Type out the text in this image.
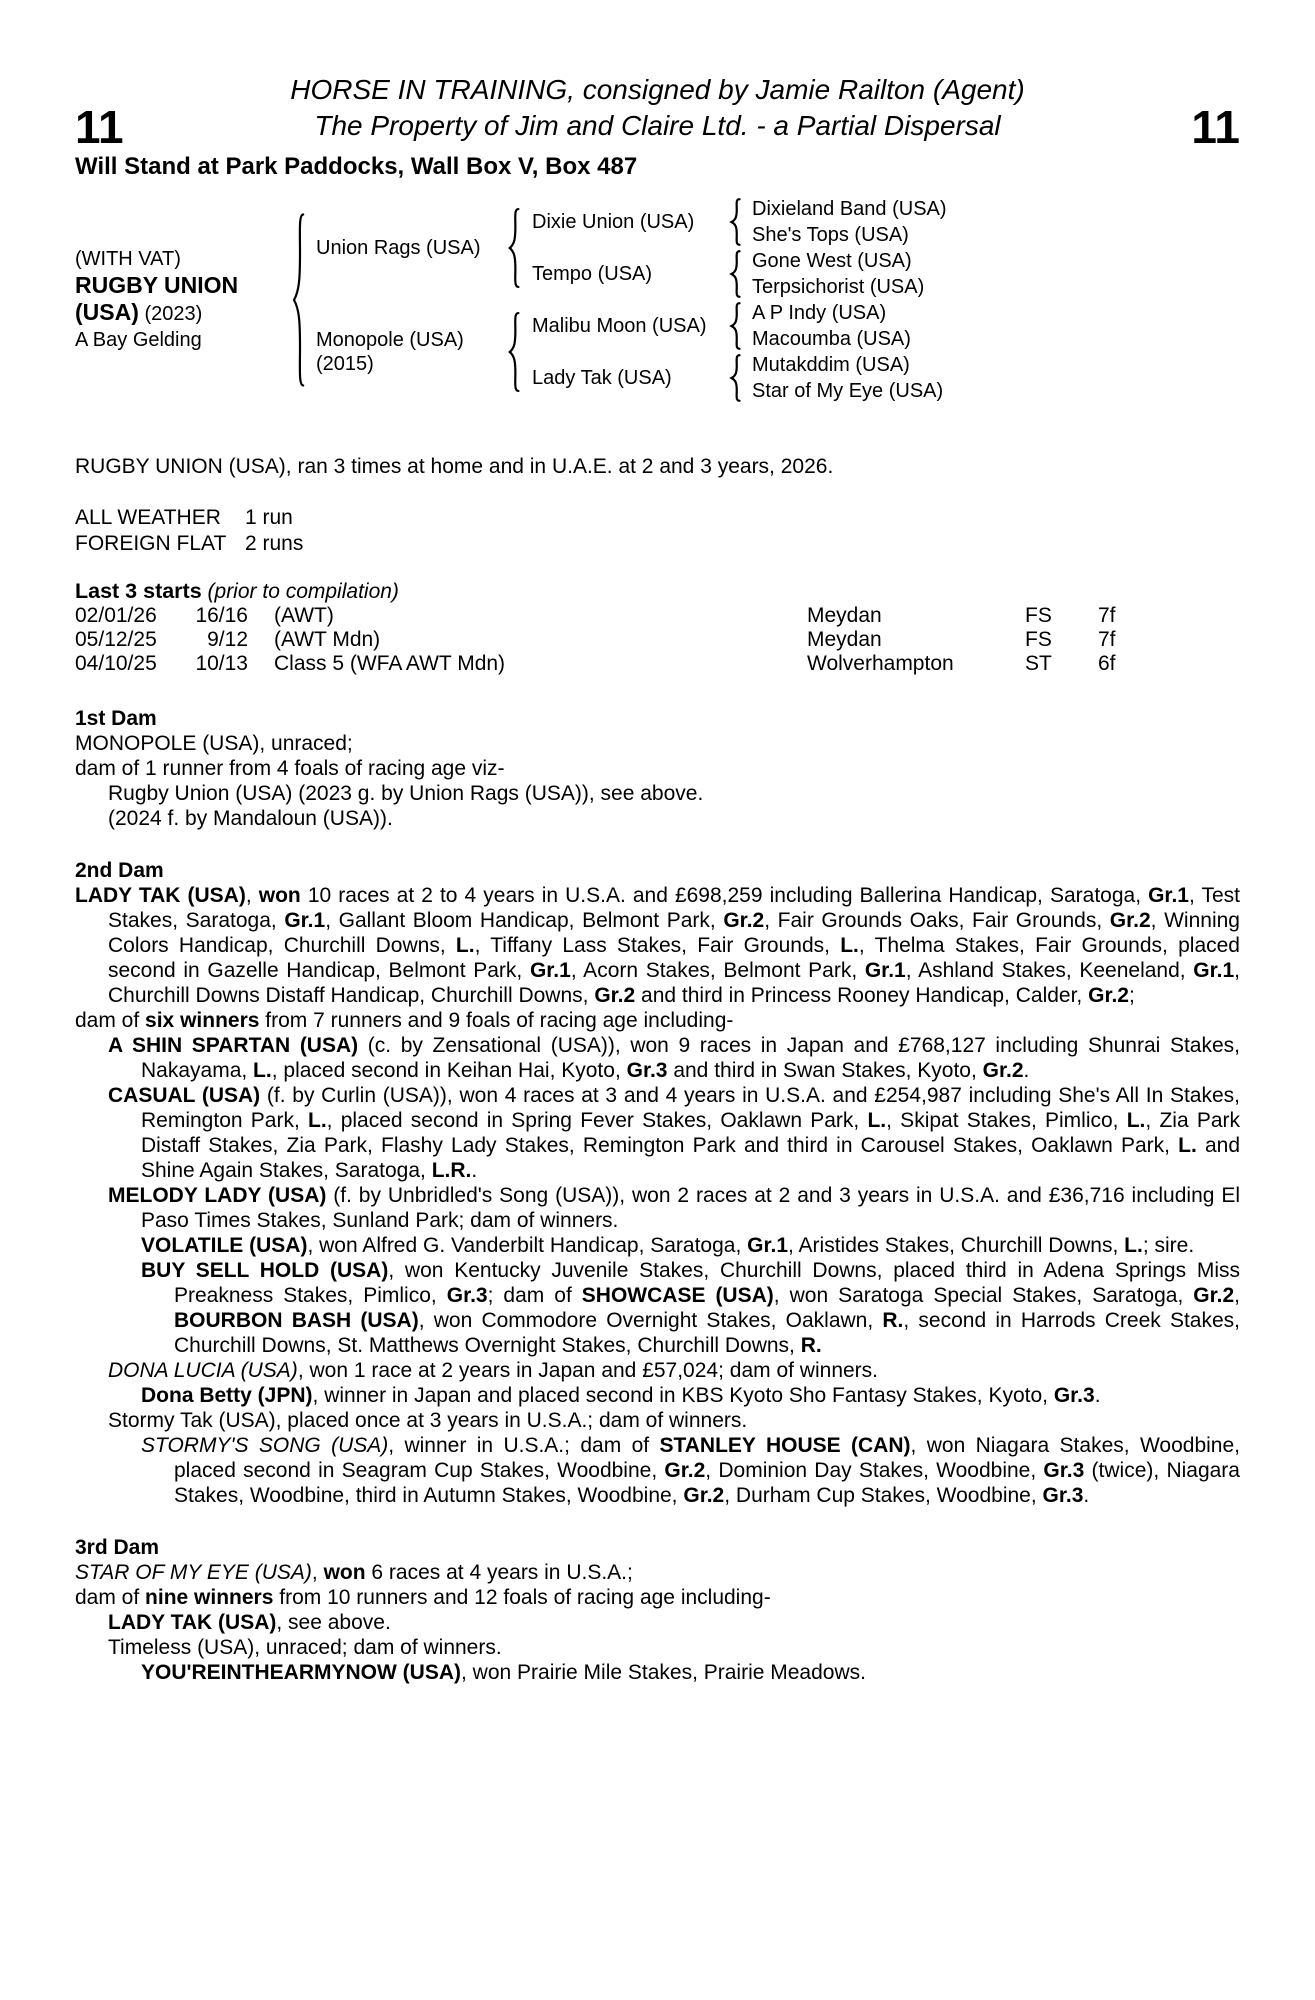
11	11
HORSE IN TRAINING, consigned by Jamie Railton (Agent)
The Property of Jim and Claire Ltd. - a Partial Dispersal
Will Stand at Park Paddocks, Wall Box V, Box 487
(WITH VAT)
RUGBY UNION
(USA) (2023)
A Bay Gelding
Union Rags (USA)
Monopole (USA)
(2015)
Dixie Union (USA)
Tempo (USA)
Malibu Moon (USA)
Lady Tak (USA)
Dixieland Band (USA)
She's Tops (USA)
Gone West (USA)
Terpsichorist (USA)
A P Indy (USA)
Macoumba (USA)
Mutakddim (USA)
Star of My Eye (USA)
RUGBY UNION (USA), ran 3 times at home and in U.A.E. at 2 and 3 years, 2026.
ALL WEATHER	1 run
FOREIGN FLAT 2 runs
Last 3 starts (prior to compilation)
02/01/26	16/16 (AWT)	Meydan	FS	7f
05/12/25	9/12 (AWT Mdn)	Meydan	FS	7f
04/10/25	10/13 Class 5 (WFA AWT Mdn)	Wolverhampton	ST	6f
1st Dam
MONOPOLE (USA), unraced;
dam of 1 runner from 4 foals of racing age viz-
Rugby Union (USA) (2023 g. by Union Rags (USA)), see above.
(2024 f. by Mandaloun (USA)).
2nd Dam
LADY TAK (USA), won 10 races at 2 to 4 years in U.S.A. and £698,259 including Ballerina Handicap, Saratoga, Gr.1, Test Stakes, Saratoga, Gr.1, Gallant Bloom Handicap, Belmont Park, Gr.2, Fair Grounds Oaks, Fair Grounds, Gr.2, Winning Colors Handicap, Churchill Downs, L., Tiffany Lass Stakes, Fair Grounds, L., Thelma Stakes, Fair Grounds, placed second in Gazelle Handicap, Belmont Park, Gr.1, Acorn Stakes, Belmont Park, Gr.1, Ashland Stakes, Keeneland, Gr.1, Churchill Downs Distaff Handicap, Churchill Downs, Gr.2 and third in Princess Rooney Handicap, Calder, Gr.2;
dam of six winners from 7 runners and 9 foals of racing age including-
A SHIN SPARTAN (USA) (c. by Zensational (USA)), won 9 races in Japan and £768,127 including Shunrai Stakes, Nakayama, L., placed second in Keihan Hai, Kyoto, Gr.3 and third in Swan Stakes, Kyoto, Gr.2.
CASUAL (USA) (f. by Curlin (USA)), won 4 races at 3 and 4 years in U.S.A. and £254,987 including She's All In Stakes, Remington Park, L., placed second in Spring Fever Stakes, Oaklawn Park, L., Skipat Stakes, Pimlico, L., Zia Park Distaff Stakes, Zia Park, Flashy Lady Stakes, Remington Park and third in Carousel Stakes, Oaklawn Park, L. and Shine Again Stakes, Saratoga, L.R..
MELODY LADY (USA) (f. by Unbridled's Song (USA)), won 2 races at 2 and 3 years in U.S.A. and £36,716 including El Paso Times Stakes, Sunland Park; dam of winners.
VOLATILE (USA), won Alfred G. Vanderbilt Handicap, Saratoga, Gr.1, Aristides Stakes, Churchill Downs, L.; sire.
BUY SELL HOLD (USA), won Kentucky Juvenile Stakes, Churchill Downs, placed third in Adena Springs Miss Preakness Stakes, Pimlico, Gr.3; dam of SHOWCASE (USA), won Saratoga Special Stakes, Saratoga, Gr.2, BOURBON BASH (USA), won Commodore Overnight Stakes, Oaklawn, R., second in Harrods Creek Stakes, Churchill Downs, St. Matthews Overnight Stakes, Churchill Downs, R.
DONA LUCIA (USA), won 1 race at 2 years in Japan and £57,024; dam of winners.
Dona Betty (JPN), winner in Japan and placed second in KBS Kyoto Sho Fantasy Stakes, Kyoto, Gr.3.
Stormy Tak (USA), placed once at 3 years in U.S.A.; dam of winners.
STORMY'S SONG (USA), winner in U.S.A.; dam of STANLEY HOUSE (CAN), won Niagara Stakes, Woodbine, placed second in Seagram Cup Stakes, Woodbine, Gr.2, Dominion Day Stakes, Woodbine, Gr.3 (twice), Niagara Stakes, Woodbine, third in Autumn Stakes, Woodbine, Gr.2, Durham Cup Stakes, Woodbine, Gr.3.
3rd Dam
STAR OF MY EYE (USA), won 6 races at 4 years in U.S.A.;
dam of nine winners from 10 runners and 12 foals of racing age including-
LADY TAK (USA), see above.
Timeless (USA), unraced; dam of winners.
YOU'REINTHEARMYNOW (USA), won Prairie Mile Stakes, Prairie Meadows.
